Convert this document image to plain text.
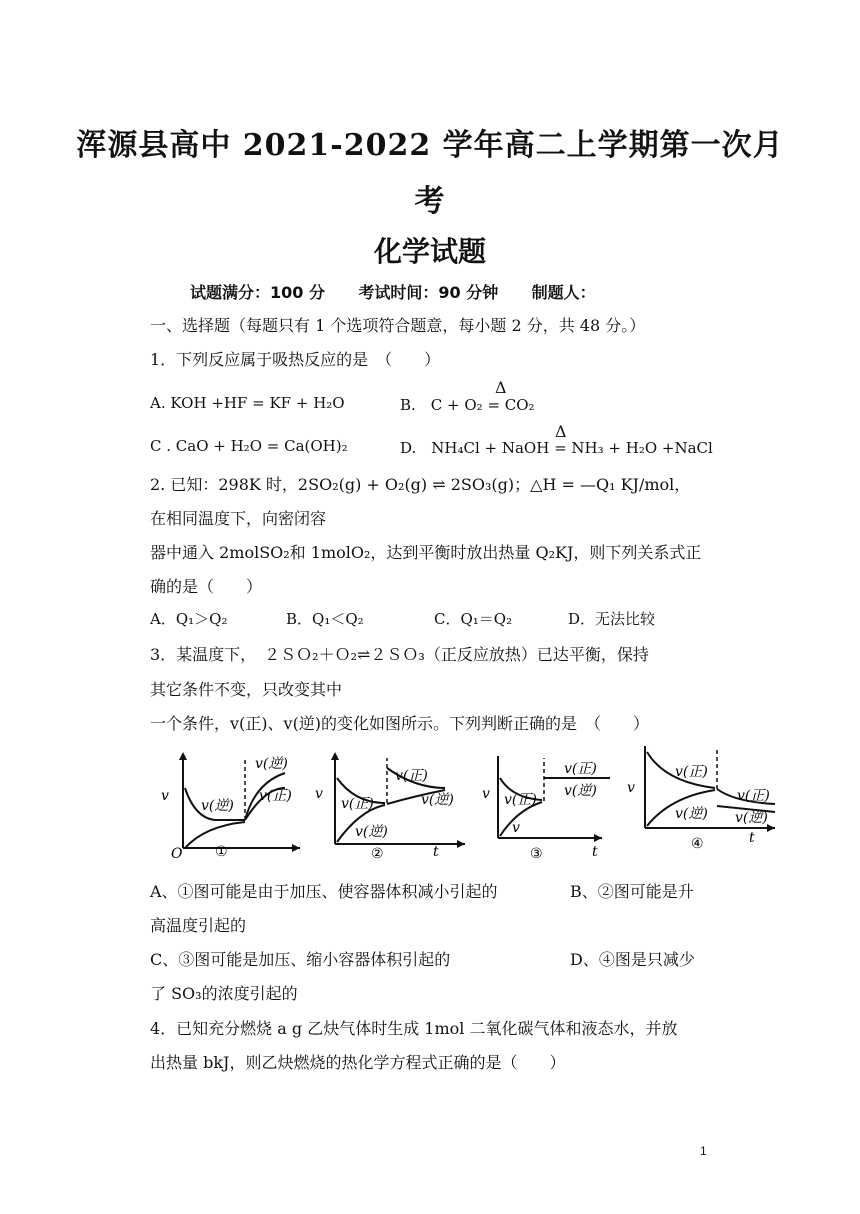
浑源县高中 2021-2022 学年高二上学期第一次月
考
化学试题
试题满分：100 分 考试时间：90 分钟 制题人：
一、选择题（每题只有 1 个选项符合题意，每小题 2 分，共 48 分。）
1．下列反应属于吸热反应的是　（　　）
A. KOH +HF = KF + H₂O	B.　C + O₂ = CO₂
Δ
C . CaO + H₂O = Ca(OH)₂	D.　NH₄Cl + NaOH = NH₃ + H₂O +NaCl
Δ
2. 已知：298K 时，2SO₂(g) + O₂(g) ⇌ 2SO₃(g)；△H = —Q₁ KJ/mol，
在相同温度下，向密闭容
器中通入 2molSO₂和 1molO₂，达到平衡时放出热量 Q₂KJ，则下列关系式正
确的是（　　）
A．Q₁＞Q₂	B．Q₁＜Q₂	C．Q₁＝Q₂	D．无法比较
3．某温度下，　２ＳＯ₂＋Ｏ₂⇌２ＳＯ₃（正反应放热）已达平衡，保持
其它条件不变，只改变其中
一个条件，v(正)、v(逆)的变化如图所示。下列判断正确的是　（　　）
v
O
v(逆)
v(逆)
v(正)
①
v
v(正)
v(逆)
v(正)
v(逆)
t
②
v v(正)
v
v(正)
v(逆)
t
③
v
v(正)
v(逆)
v(正)
v(逆)
t
④
A、①图可能是由于加压、使容器体积减小引起的	B、②图可能是升
高温度引起的
C、③图可能是加压、缩小容器体积引起的	D、④图是只减少
了 SO₃的浓度引起的
4．已知充分燃烧 a g 乙炔气体时生成 1mol 二氧化碳气体和液态水，并放
出热量 bkJ，则乙炔燃烧的热化学方程式正确的是（　　）
1
